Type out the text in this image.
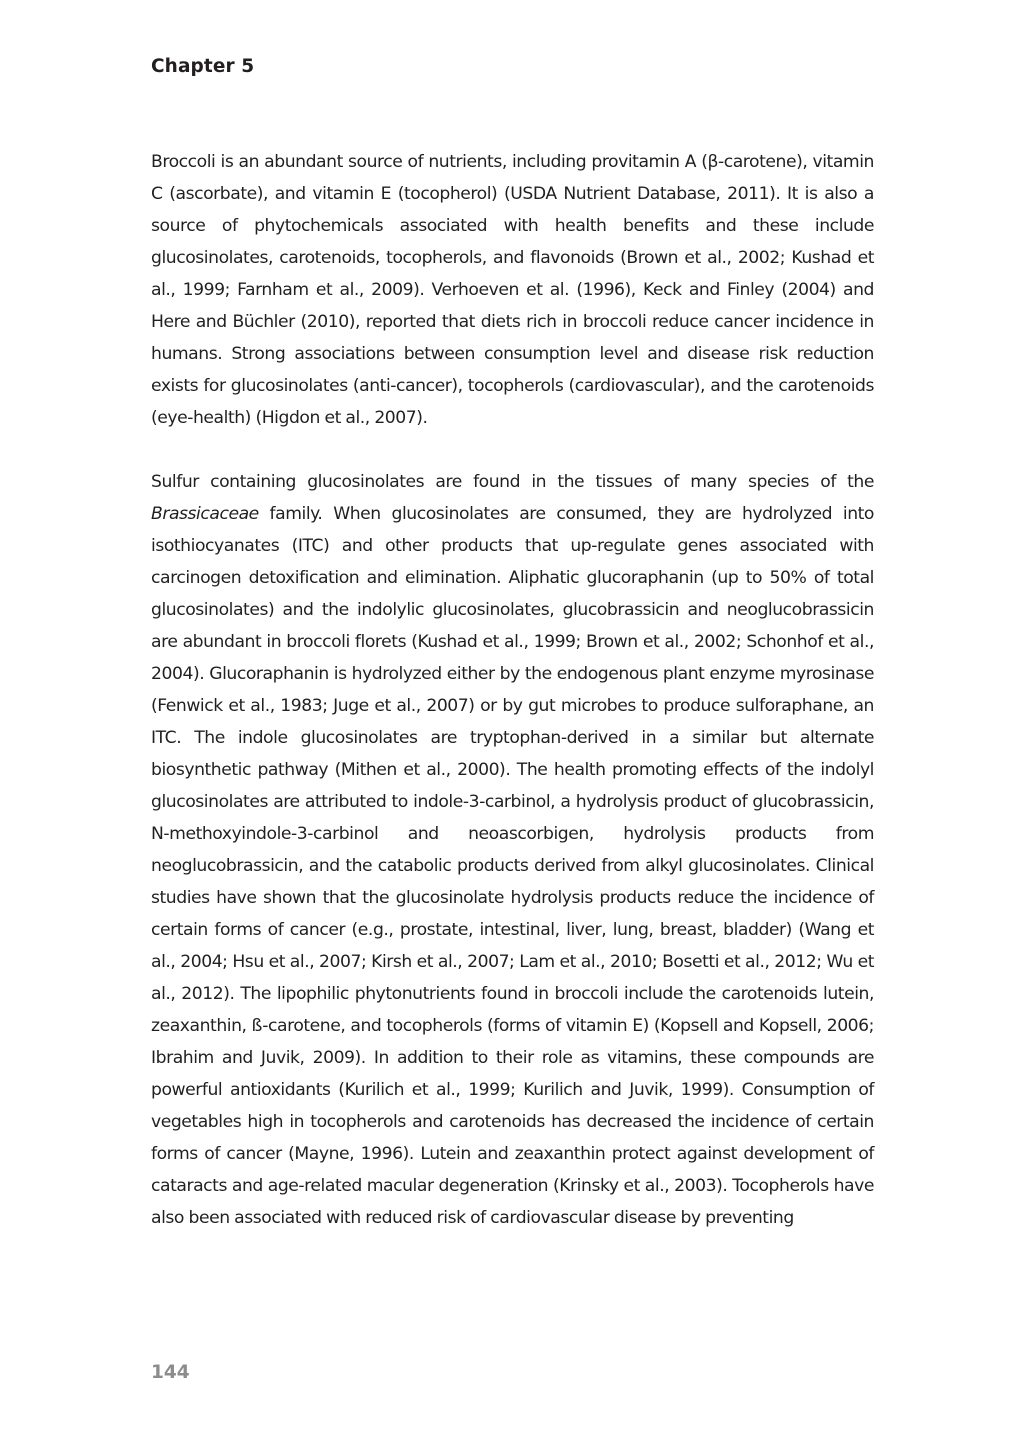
Chapter 5

Broccoli is an abundant source of nutrients, including provitamin A (β-carotene), vitamin C (ascorbate), and vitamin E (tocopherol) (USDA Nutrient Database, 2011). It is also a source of phytochemicals associated with health benefits and these include glucosinolates, carotenoids, tocopherols, and flavonoids (Brown et al., 2002; Kushad et al., 1999; Farnham et al., 2009). Verhoeven et al. (1996), Keck and Finley (2004) and Here and Büchler (2010), reported that diets rich in broccoli reduce cancer incidence in humans. Strong associations between consumption level and disease risk reduction exists for glucosinolates (anti-cancer), tocopherols (cardiovascular), and the carotenoids (eye-health) (Higdon et al., 2007).

Sulfur containing glucosinolates are found in the tissues of many species of the Brassicaceae family. When glucosinolates are consumed, they are hydrolyzed into isothiocyanates (ITC) and other products that up-regulate genes associated with carcinogen detoxification and elimination. Aliphatic glucoraphanin (up to 50% of total glucosinolates) and the indolylic glucosinolates, glucobrassicin and neoglucobrassicin are abundant in broccoli florets (Kushad et al., 1999; Brown et al., 2002; Schonhof et al., 2004). Glucoraphanin is hydrolyzed either by the endogenous plant enzyme myrosinase (Fenwick et al., 1983; Juge et al., 2007) or by gut microbes to produce sulforaphane, an ITC. The indole glucosinolates are tryptophan-derived in a similar but alternate biosynthetic pathway (Mithen et al., 2000). The health promoting effects of the indolyl glucosinolates are attributed to indole-3-carbinol, a hydrolysis product of glucobrassicin, N-methoxyindole-3-carbinol and neoascorbigen, hydrolysis products from neoglucobrassicin, and the catabolic products derived from alkyl glucosinolates. Clinical studies have shown that the glucosinolate hydrolysis products reduce the incidence of certain forms of cancer (e.g., prostate, intestinal, liver, lung, breast, bladder) (Wang et al., 2004; Hsu et al., 2007; Kirsh et al., 2007; Lam et al., 2010; Bosetti et al., 2012; Wu et al., 2012). The lipophilic phytonutrients found in broccoli include the carotenoids lutein, zeaxanthin, ß-carotene, and tocopherols (forms of vitamin E) (Kopsell and Kopsell, 2006; Ibrahim and Juvik, 2009). In addition to their role as vitamins, these compounds are powerful antioxidants (Kurilich et al., 1999; Kurilich and Juvik, 1999). Consumption of vegetables high in tocopherols and carotenoids has decreased the incidence of certain forms of cancer (Mayne, 1996). Lutein and zeaxanthin protect against development of cataracts and age-related macular degeneration (Krinsky et al., 2003). Tocopherols have also been associated with reduced risk of cardiovascular disease by preventing

144
